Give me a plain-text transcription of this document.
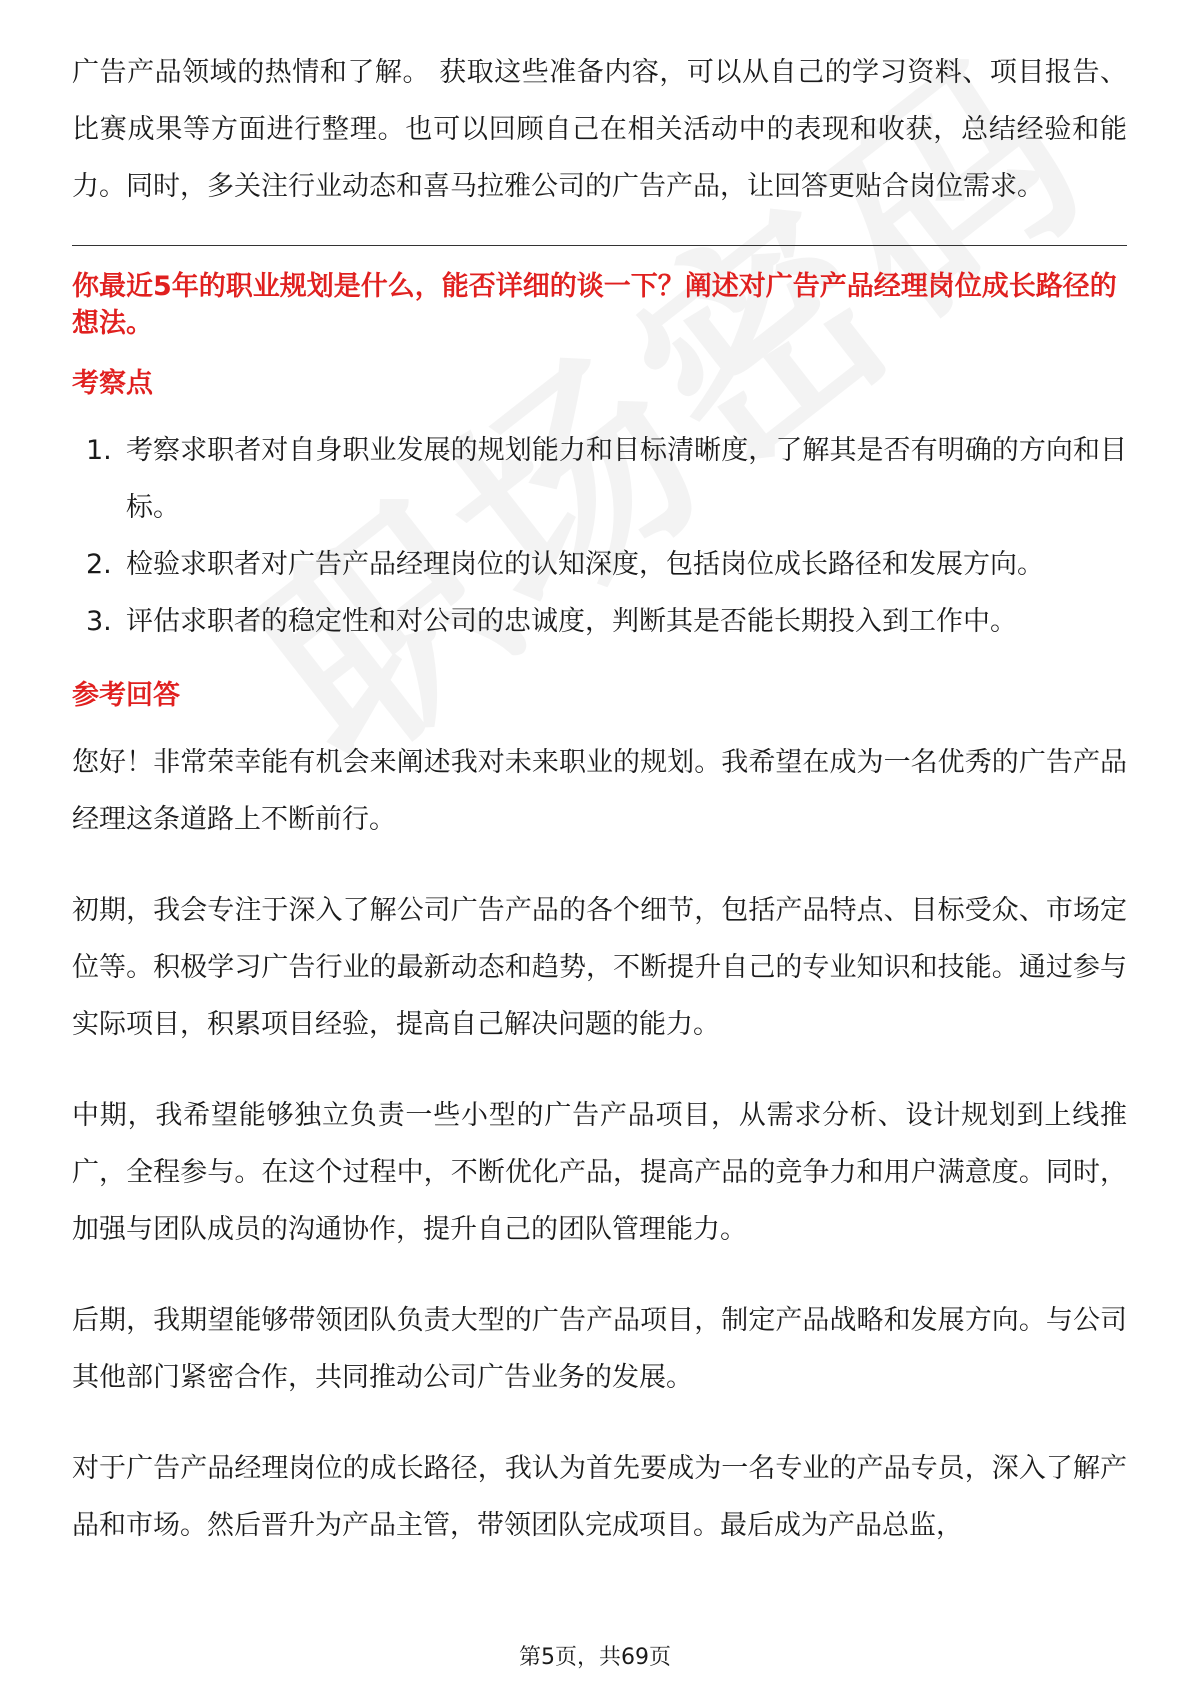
广告产品领域的热情和了解。 获取这些准备内容，可以从自己的学习资料、项目报告、比赛成果等方面进行整理。也可以回顾自己在相关活动中的表现和收获，总结经验和能力。同时，多关注行业动态和喜马拉雅公司的广告产品，让回答更贴合岗位需求。

你最近5年的职业规划是什么，能否详细的谈一下？阐述对广告产品经理岗位成长路径的想法。

考察点
1. 考察求职者对自身职业发展的规划能力和目标清晰度，了解其是否有明确的方向和目标。
2. 检验求职者对广告产品经理岗位的认知深度，包括岗位成长路径和发展方向。
3. 评估求职者的稳定性和对公司的忠诚度，判断其是否能长期投入到工作中。
参考回答

您好！非常荣幸能有机会来阐述我对未来职业的规划。我希望在成为一名优秀的广告产品经理这条道路上不断前行。

初期，我会专注于深入了解公司广告产品的各个细节，包括产品特点、目标受众、市场定位等。积极学习广告行业的最新动态和趋势，不断提升自己的专业知识和技能。通过参与实际项目，积累项目经验，提高自己解决问题的能力。

中期，我希望能够独立负责一些小型的广告产品项目，从需求分析、设计规划到上线推广，全程参与。在这个过程中，不断优化产品，提高产品的竞争力和用户满意度。同时，加强与团队成员的沟通协作，提升自己的团队管理能力。

后期，我期望能够带领团队负责大型的广告产品项目，制定产品战略和发展方向。与公司其他部门紧密合作，共同推动公司广告业务的发展。

对于广告产品经理岗位的成长路径，我认为首先要成为一名专业的产品专员，深入了解产品和市场。然后晋升为产品主管，带领团队完成项目。最后成为产品总监，

第5页，共69页
